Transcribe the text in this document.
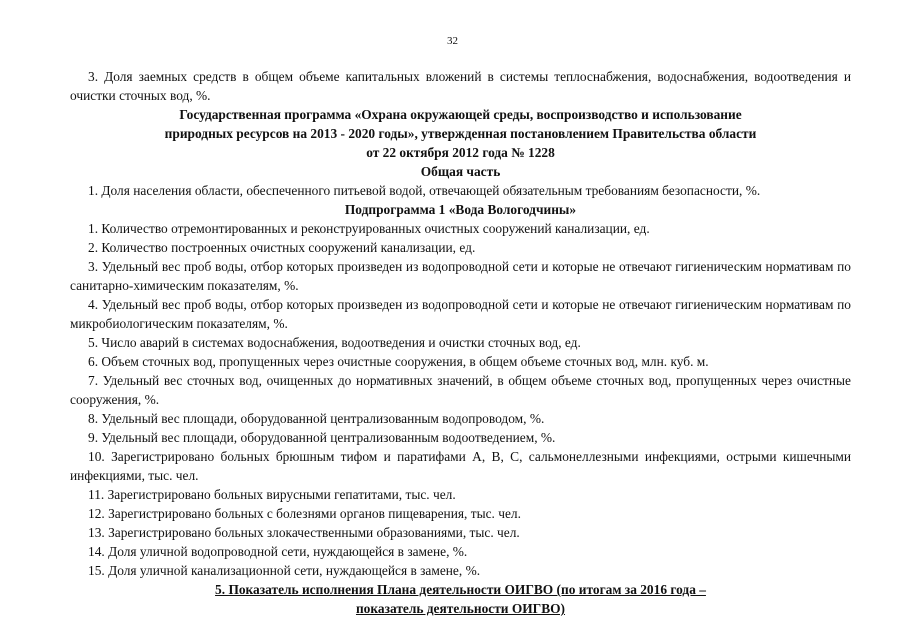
32

3. Доля заемных средств в общем объеме капитальных вложений в системы теплоснабжения, водоснабжения, водоотведения и очистки сточных вод, %.

Государственная программа «Охрана окружающей среды, воспроизводство и использование

природных ресурсов на 2013 - 2020 годы», утвержденная постановлением Правительства области

от 22 октября 2012 года № 1228

Общая часть

1. Доля населения области, обеспеченного питьевой водой, отвечающей обязательным требованиям безопасности, %.

Подпрограмма 1 «Вода Вологодчины»

1. Количество отремонтированных и реконструированных очистных сооружений канализации, ед.

2. Количество построенных очистных сооружений канализации, ед.

3. Удельный вес проб воды, отбор которых произведен из водопроводной сети и которые не отвечают гигиеническим нормативам по санитарно-химическим показателям, %.

4. Удельный вес проб воды, отбор которых произведен из водопроводной сети и которые не отвечают гигиеническим нормативам по микробиологическим показателям, %.

5. Число аварий в системах водоснабжения, водоотведения и очистки сточных вод, ед.

6. Объем сточных вод, пропущенных через очистные сооружения, в общем объеме сточных вод, млн. куб. м.

7. Удельный вес сточных вод, очищенных до нормативных значений, в общем объеме сточных вод, пропущенных через очистные сооружения, %.

8. Удельный вес площади, оборудованной централизованным водопроводом, %.

9. Удельный вес площади, оборудованной централизованным водоотведением, %.

10. Зарегистрировано больных брюшным тифом и паратифами А, В, С, сальмонеллезными инфекциями, острыми кишечными инфекциями, тыс. чел.

11. Зарегистрировано больных вирусными гепатитами, тыс. чел.

12. Зарегистрировано больных с болезнями органов пищеварения, тыс. чел.

13. Зарегистрировано больных злокачественными образованиями, тыс. чел.

14. Доля уличной водопроводной сети, нуждающейся в замене, %.

15. Доля уличной канализационной сети, нуждающейся в замене, %.

5. Показатель исполнения Плана деятельности ОИГВО (по итогам за 2016 года –

показатель деятельности ОИГВО)
